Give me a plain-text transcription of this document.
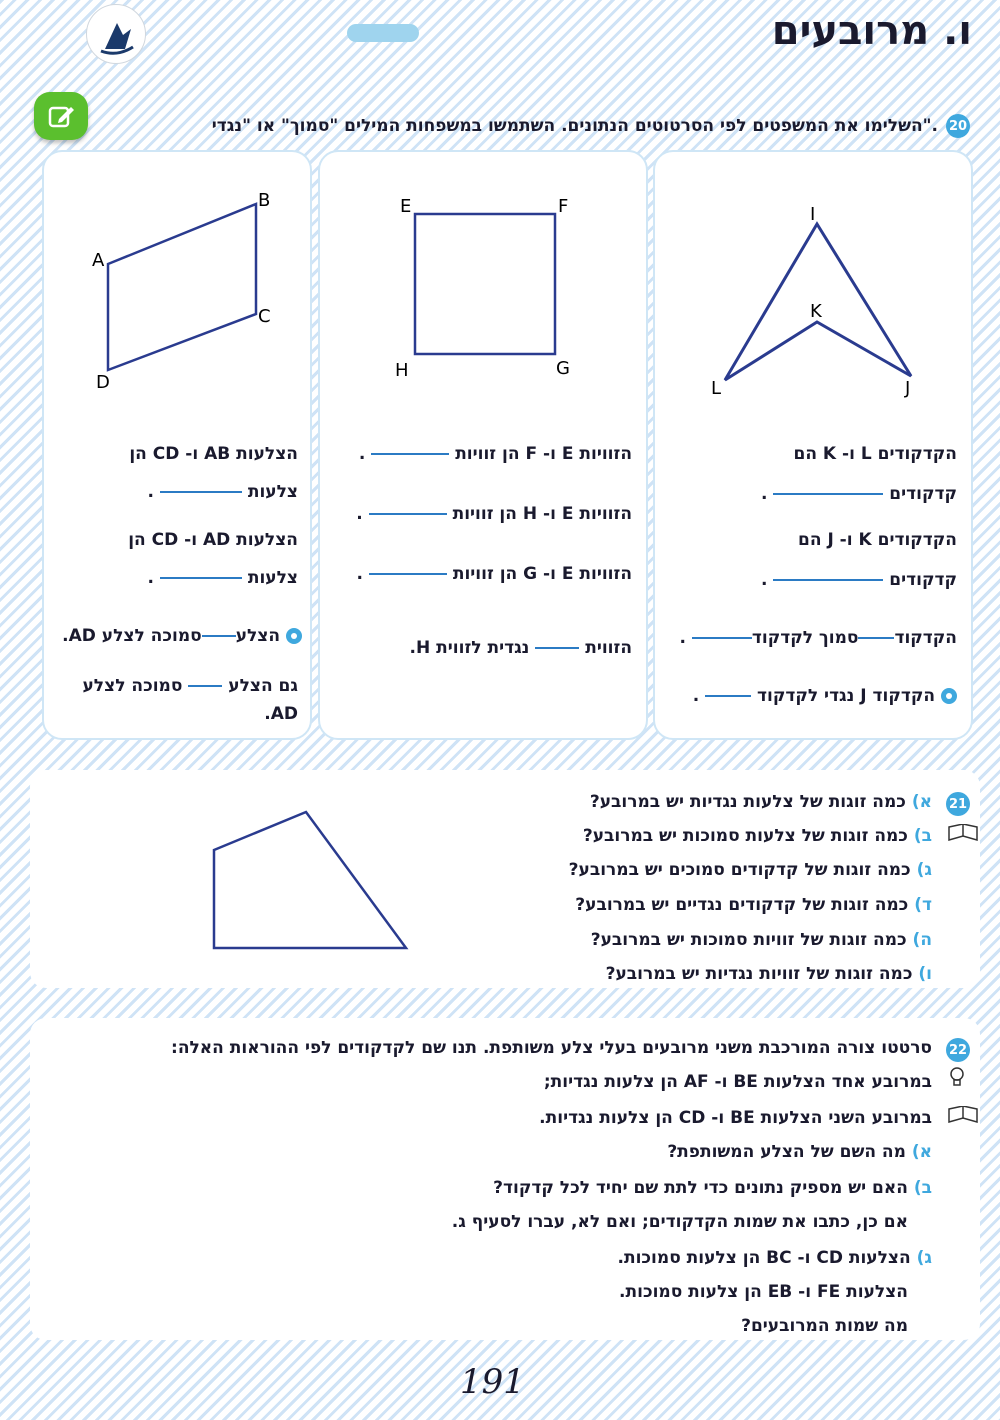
ו. מרובעים
20
השלימו את המשפטים לפי הסרטוטים הנתונים. השתמשו במשפחות המילים "סמוך" או "נגדי".
I
K
L	J
הקדקודים L ו- K הם
קדקודים  .
הקדקודים K ו- J הם
קדקודים  .
הקדקודסמוך לקדקוד .
הקדקוד J נגדי לקדקוד  .
E	F
H	G
הזוויות E ו- F הן זוויות  .
הזוויות E ו- H הן זוויות  .
הזוויות E ו- G הן זוויות  .
הזווית  נגדית לזווית H.
B
A
C
D
הצלעות AB ו- CD הן
צלעות  .
הצלעות AD ו- CD הן
צלעות  .
הצלעסמוכה לצלע AD.
גם הצלע  סמוכה לצלע
AD.
21
א) כמה זוגות של צלעות נגדיות יש במרובע?
ב) כמה זוגות של צלעות סמוכות יש במרובע?
ג) כמה זוגות של קדקודים סמוכים יש במרובע?
ד) כמה זוגות של קדקודים נגדיים יש במרובע?
ה) כמה זוגות של זוויות סמוכות יש במרובע?
ו) כמה זוגות של זוויות נגדיות יש במרובע?
22
סרטטו צורה המורכבת משני מרובעים בעלי צלע משותפת. תנו שם לקדקודים לפי ההוראות האלה:
במרובע אחד הצלעות BE ו- AF הן צלעות נגדיות;
במרובע השני הצלעות BE ו- CD הן צלעות נגדיות.
א) מה השם של הצלע המשותפת?
ב) האם יש מספיק נתונים כדי לתת שם יחיד לכל קדקוד?
אם כן, כתבו את שמות הקדקודים; ואם לא, עברו לסעיף ג.
ג) הצלעות CD ו- BC הן צלעות סמוכות.
הצלעות FE ו- EB הן צלעות סמוכות.
מה שמות המרובעים?
191
